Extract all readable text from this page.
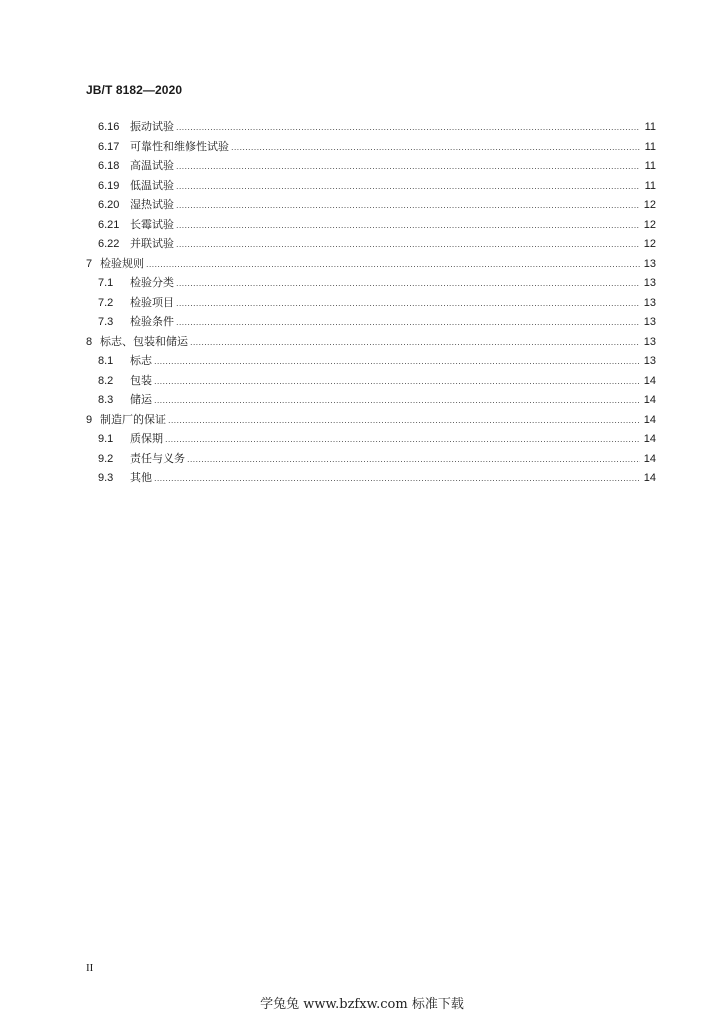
JB/T 8182—2020
6.16 振动试验 .....	11
6.17 可靠性和维修性试验 .....	11
6.18 高温试验 .....	11
6.19 低温试验 .....	11
6.20 湿热试验 .....	12
6.21 长霉试验 .....	12
6.22 并联试验 .....	12
7 检验规则 .....	13
7.1	检验分类 .....	13
7.2	检验项目 .....	13
7.3	检验条件 .....	13
8 标志、包装和储运 .....	13
8.1	标志 .....	13
8.2	包装 .....	14
8.3	储运 .....	14
9 制造厂的保证 .....	14
9.1	质保期 .....	14
9.2	责任与义务 .....	14
9.3	其他 .....	14
II
学兔兔 www.bzfxw.com 标准下载
